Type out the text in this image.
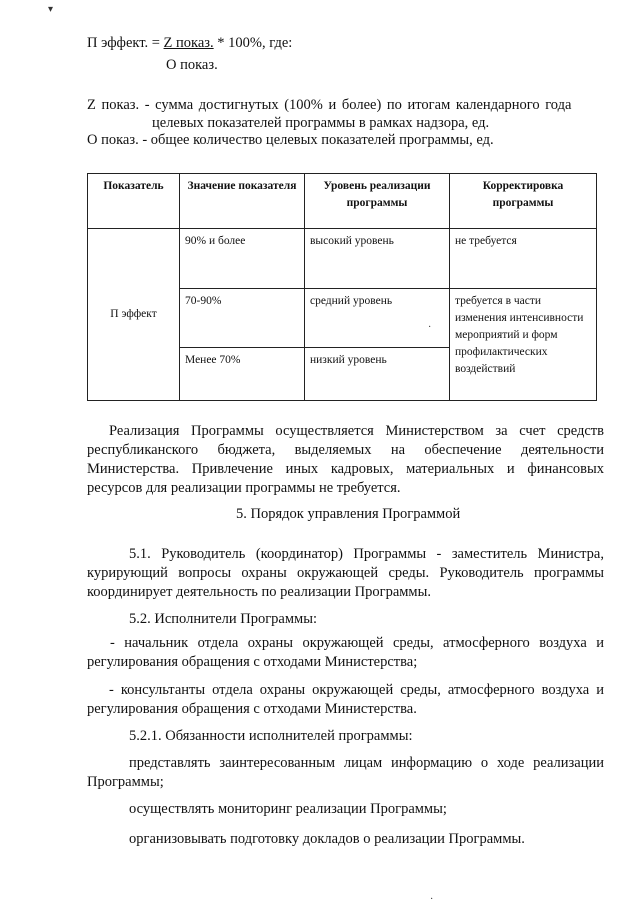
▾
П эффект. = Z показ. * 100%, где:
О показ.
Z показ. - сумма достигнутых (100% и более) по итогам календарного года
целевых показателей программы в рамках надзора, ед.
О показ. - общее количество целевых показателей программы, ед.
Показатель	Значение показателя	Уровень реализации программы	Корректировка программы
П эффект	90% и более	высокий уровень	не требуется
	70-90%	средний уровень	требуется в части изменения интенсивности мероприятий и форм профилактических воздействий
	Менее 70%	низкий уровень	
Реализация Программы осуществляется Министерством за счет средств республиканского бюджета, выделяемых на обеспечение деятельности Министерства. Привлечение иных кадровых, материальных и финансовых ресурсов для реализации программы не требуется.
5. Порядок управления Программой
5.1. Руководитель (координатор) Программы - заместитель Министра, курирующий вопросы охраны окружающей среды. Руководитель программы координирует деятельность по реализации Программы.
5.2. Исполнители Программы:
- начальник отдела охраны окружающей среды, атмосферного воздуха и регулирования обращения с отходами Министерства;
- консультанты отдела охраны окружающей среды, атмосферного воздуха и регулирования обращения с отходами Министерства.
5.2.1. Обязанности исполнителей программы:
представлять заинтересованным лицам информацию о ходе реализации Программы;
осуществлять мониторинг реализации Программы;
организовывать подготовку докладов о реализации Программы.
·
·
